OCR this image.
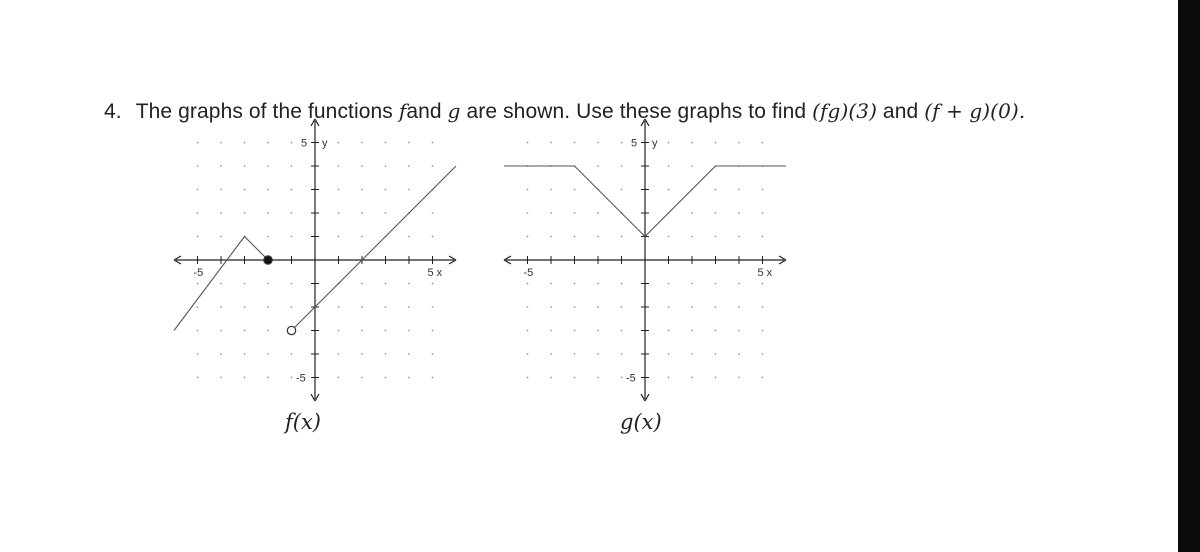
4. The graphs of the functions fand g are shown. Use these graphs to find (fg)(3) and (f + g)(0).
-5	5 x
5 y
-5
-5	5 x
5 y
-5
f(x)	g(x)
